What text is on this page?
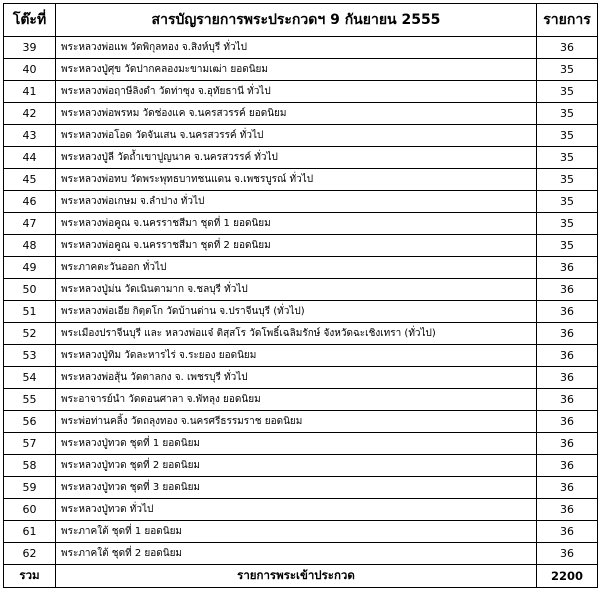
โต๊ะที่	สารบัญรายการพระประกวดฯ 9 กันยายน 2555	รายการ
39	พระหลวงพ่อแพ วัดพิกุลทอง จ.สิงห์บุรี ทั่วไป	36
40	พระหลวงปู่ศุข วัดปากคลองมะขามเฒ่า ยอดนิยม	35
41	พระหลวงพ่อฤาษีลิงดำ วัดท่าซุง จ.อุทัยธานี ทั่วไป	35
42	พระหลวงพ่อพรหม วัดช่องแค จ.นครสวรรค์ ยอดนิยม	35
43	พระหลวงพ่อโอด วัดจันเสน จ.นครสวรรค์ ทั่วไป	35
44	พระหลวงปู่ลี วัดถ้ำเขาปูญนาค จ.นครสวรรค์ ทั่วไป	35
45	พระหลวงพ่อทบ วัดพระพุทธบาทชนแดน จ.เพชรบูรณ์ ทั่วไป	35
46	พระหลวงพ่อเกษม จ.ลำปาง ทั่วไป	35
47	พระหลวงพ่อคูณ จ.นครราชสีมา ชุดที่ 1 ยอดนิยม	35
48	พระหลวงพ่อคูณ จ.นครราชสีมา ชุดที่ 2 ยอดนิยม	35
49	พระภาคตะวันออก ทั่วไป	36
50	พระหลวงปู่ม่น วัดเนินตามาก จ.ชลบุรี ทั่วไป	36
51	พระหลวงพ่อเอีย กิตฺตโก วัดบ้านด่าน จ.ปราจีนบุรี (ทั่วไป)	36
52	พระเมืองปราจีนบุรี และ หลวงพ่อแจ๋ ติสฺสโร วัดโพธิ์เฉลิมรักษ์ จังหวัดฉะเชิงเทรา (ทั่วไป)	36
53	พระหลวงปู่ทิม วัดละหารไร่ จ.ระยอง ยอดนิยม	36
54	พระหลวงพ่อสุ้น วัดตาลกง จ. เพชรบุรี ทั่วไป	36
55	พระอาจารย์นำ วัดดอนศาลา จ.พัทลุง ยอดนิยม	36
56	พระพ่อท่านคลิ้ง วัดถลุงทอง จ.นครศรีธรรมราช ยอดนิยม	36
57	พระหลวงปู่ทวด ชุดที่ 1 ยอดนิยม	36
58	พระหลวงปู่ทวด ชุดที่ 2 ยอดนิยม	36
59	พระหลวงปู่ทวด ชุดที่ 3 ยอดนิยม	36
60	พระหลวงปู่ทวด ทั่วไป	36
61	พระภาคใต้ ชุดที่ 1 ยอดนิยม	36
62	พระภาคใต้ ชุดที่ 2 ยอดนิยม	36
รวม	รายการพระเข้าประกวด	2200
